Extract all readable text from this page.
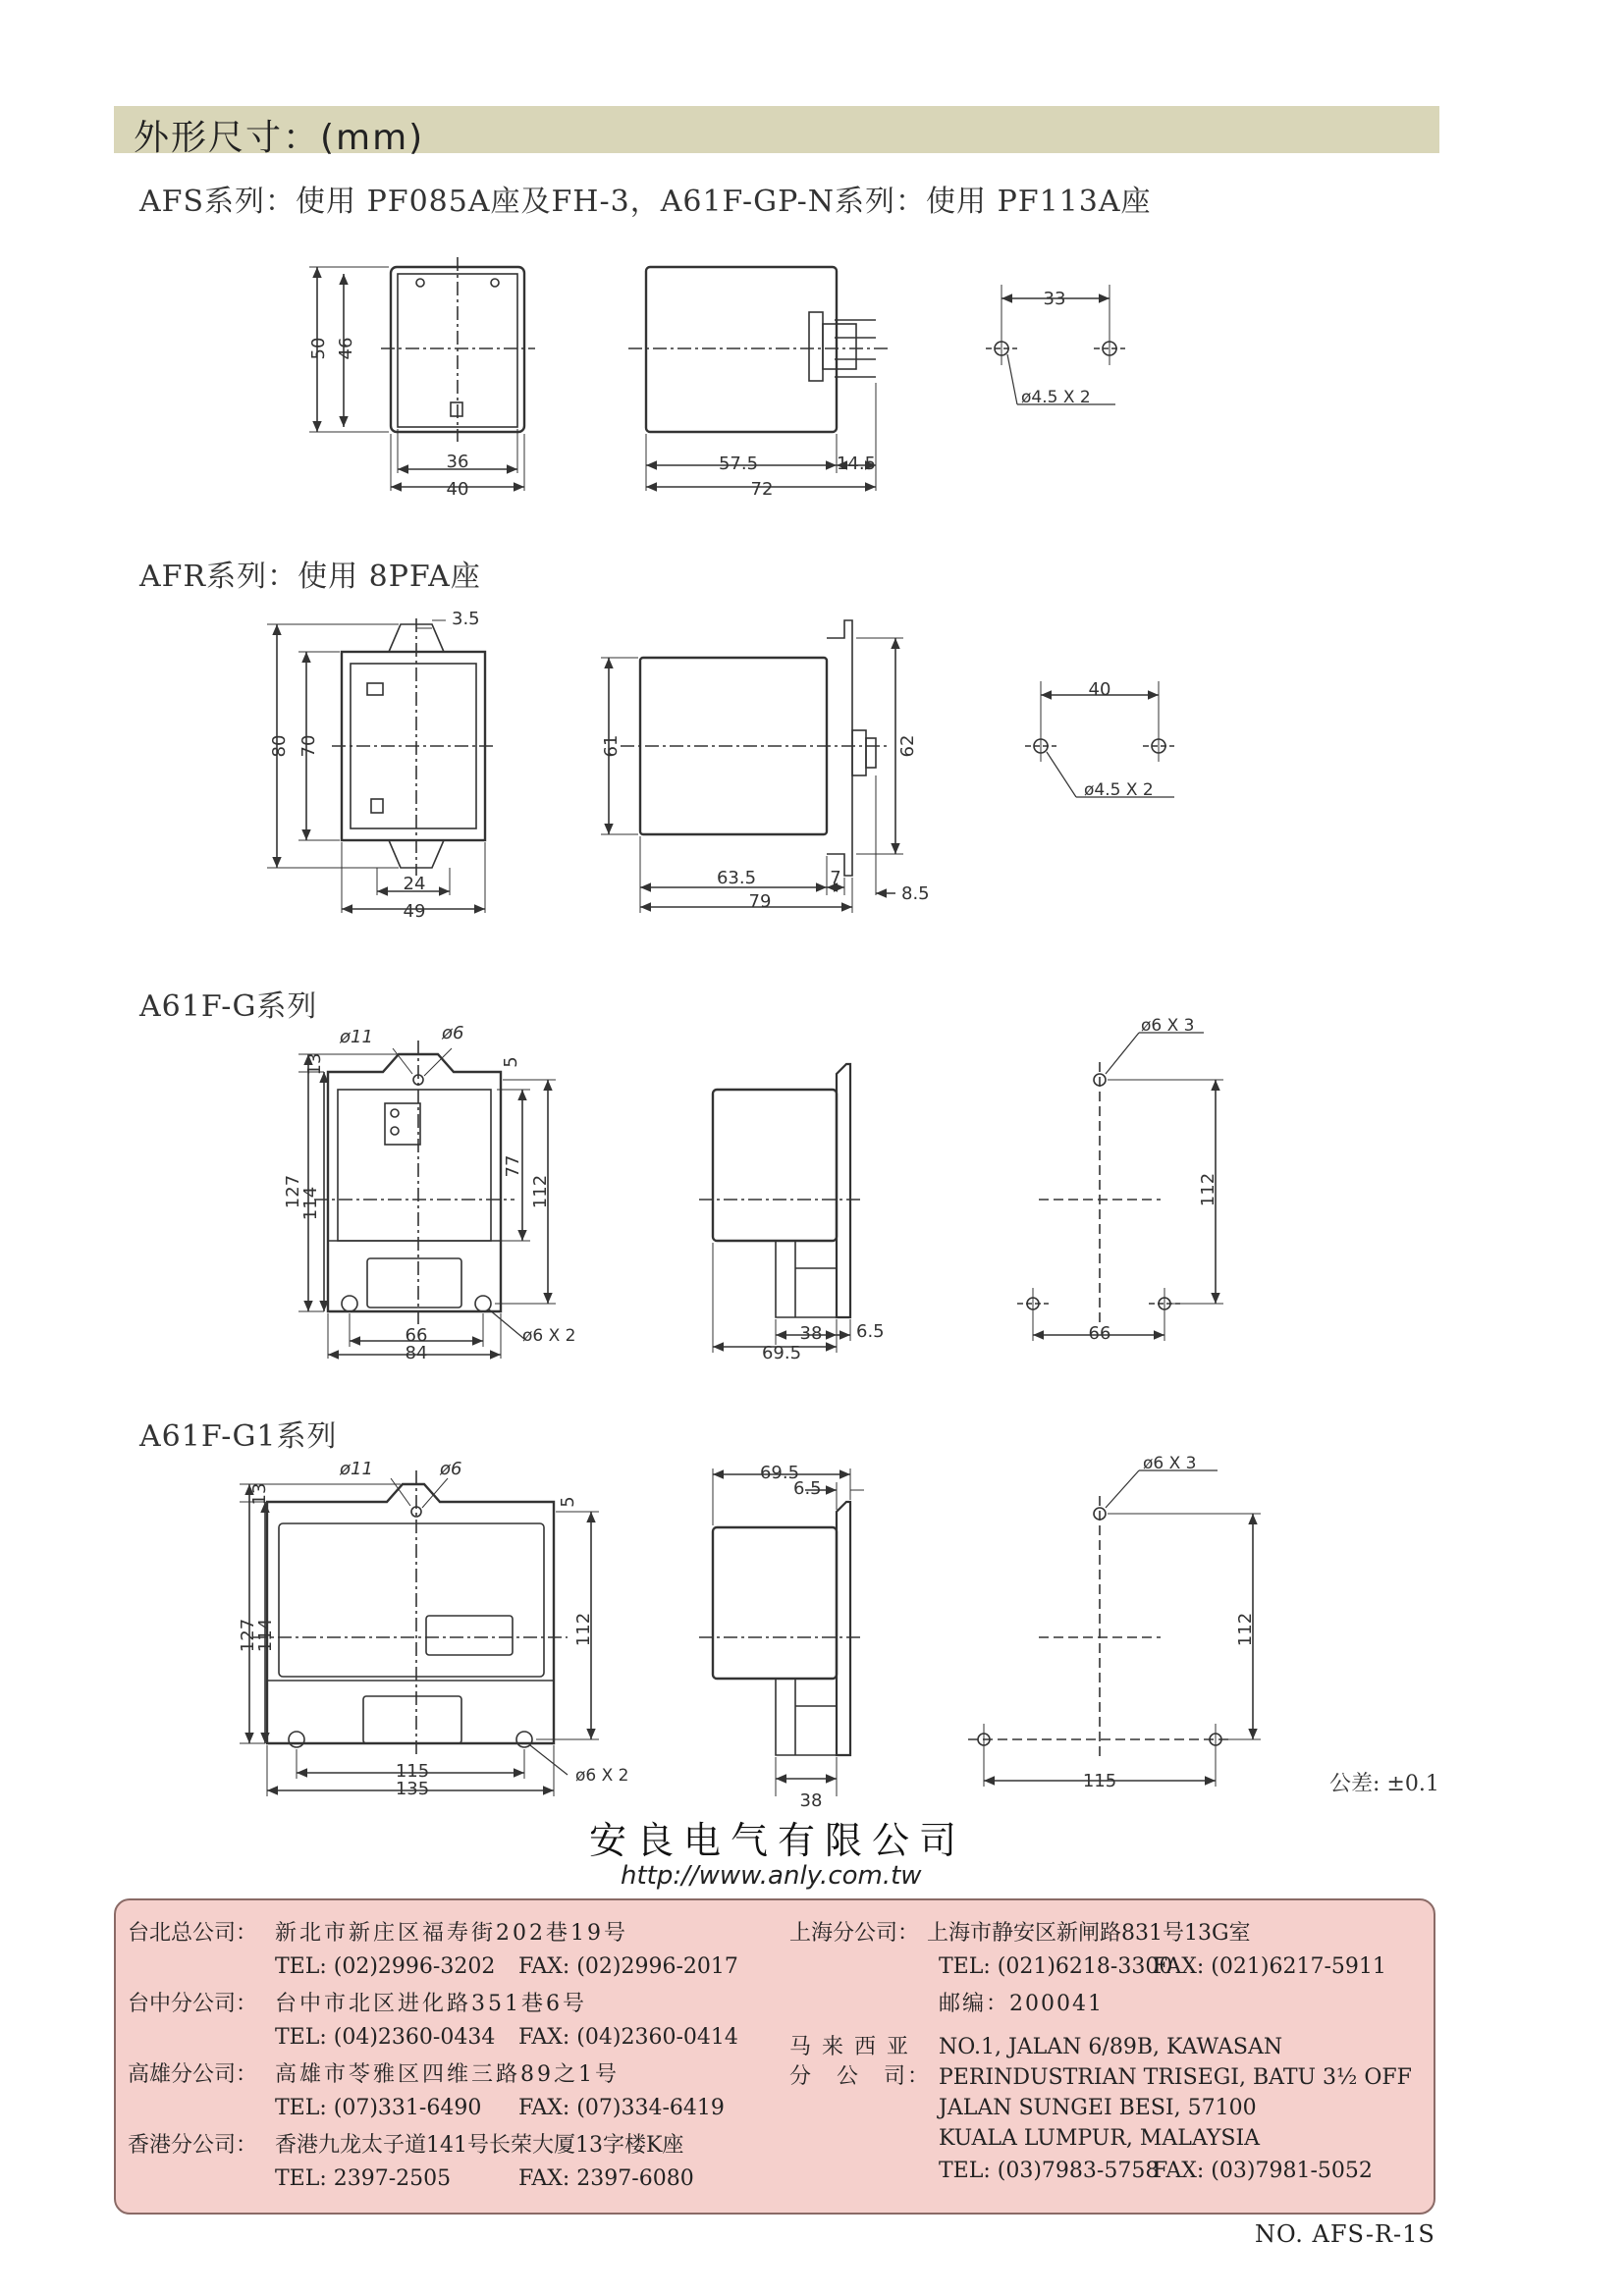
外形尺寸：(mm)
AFS系列：使用 PF085A座及FH-3，A61F-GP-N系列：使用 PF113A座
AFR系列：使用 8PFA座
A61F-G系列
A61F-G1系列
50 46
36
40
57.5	14.5
72
33
ø4.5 X 2
80 70
3.5
24
49
61	62
63.5	7
8.5
79
40
ø4.5 X 2
ø11	ø6
13	5
127
114
77
112
66
84
ø6 X 2	38 6.5
69.5
ø6 X 3
112
66
ø11	ø6
13	5
127
114	112
115
135
ø6 X 2
69.5
6.5
38
ø6 X 3
112
115	公差: ±0.1
安良电气有限公司
http://www.anly.com.tw
台北总公司： 新北市新庄区福寿街202巷19号
TEL: (02)2996-3202 FAX: (02)2996-2017
台中分公司： 台中市北区进化路351巷6号
TEL: (04)2360-0434 FAX: (04)2360-0414
高雄分公司： 高雄市苓雅区四维三路89之1号
TEL: (07)331-6490 FAX: (07)334-6419
香港分公司： 香港九龙太子道141号长荣大厦13字楼K座
TEL: 2397-2505	FAX: 2397-6080
上海分公司： 上海市静安区新闸路831号13G室
TEL: (021)6218-3300
FAX: (021)6217-5911
邮编：200041
马 来 西 亚
分　公　司：
NO.1, JALAN 6/89B, KAWASAN
PERINDUSTRIAN TRISEGI, BATU 3½ OFF
JALAN SUNGEI BESI, 57100
KUALA LUMPUR, MALAYSIA
TEL: (03)7983-5758
FAX: (03)7981-5052
NO. AFS-R-1S
